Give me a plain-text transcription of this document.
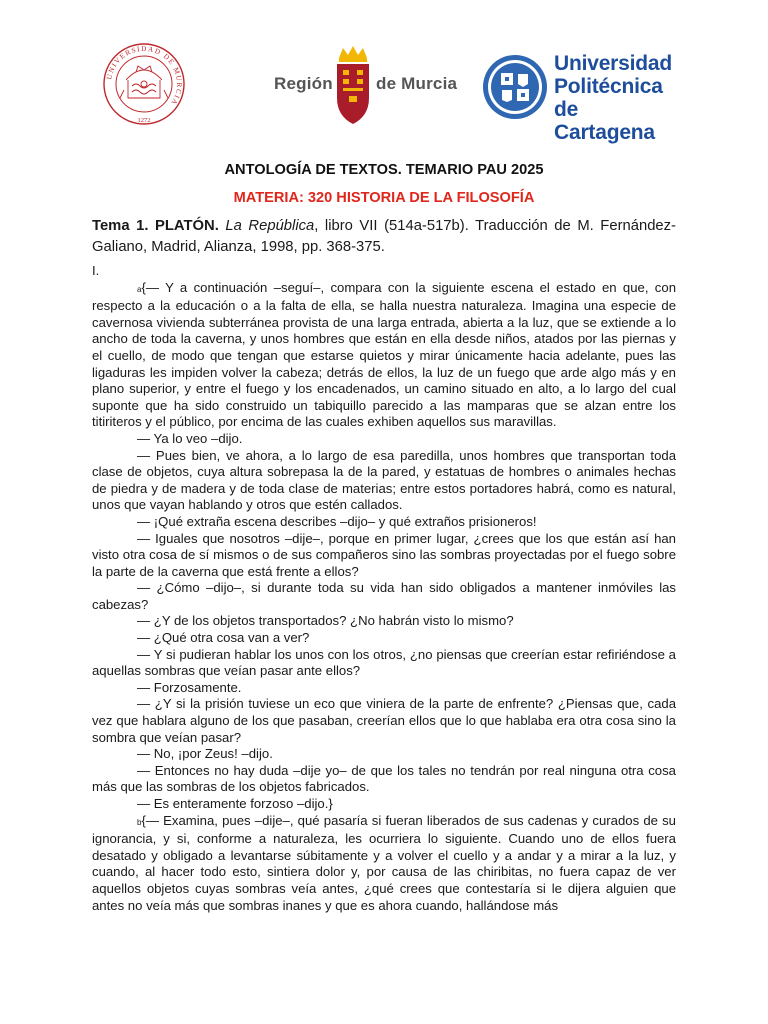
UNIVERSIDAD DE MURCIA
1272
Región	de Murcia
Universidad
Politécnica
de Cartagena
ANTOLOGÍA DE TEXTOS. TEMARIO PAU 2025
MATERIA: 320 HISTORIA DE LA FILOSOFÍA
Tema 1. PLATÓN. La República, libro VII (514a-517b). Traducción de M. Fernández-Galiano, Madrid, Alianza, 1998, pp. 368-375.
I.

a{— Y a continuación –seguí–, compara con la siguiente escena el estado en que, con respecto a la educación o a la falta de ella, se halla nuestra naturaleza. Imagina una especie de cavernosa vivienda subterránea provista de una larga entrada, abierta a la luz, que se extiende a lo ancho de toda la caverna, y unos hombres que están en ella desde niños, atados por las piernas y el cuello, de modo que tengan que estarse quietos y mirar únicamente hacia adelante, pues las ligaduras les impiden volver la cabeza; detrás de ellos, la luz de un fuego que arde algo más y en plano superior, y entre el fuego y los encadenados, un camino situado en alto, a lo largo del cual suponte que ha sido construido un tabiquillo parecido a las mamparas que se alzan entre los titiriteros y el público, por encima de las cuales exhiben aquellos sus maravillas.

— Ya lo veo –dijo.

— Pues bien, ve ahora, a lo largo de esa paredilla, unos hombres que transportan toda clase de objetos, cuya altura sobrepasa la de la pared, y estatuas de hombres o animales hechas de piedra y de madera y de toda clase de materias; entre estos portadores habrá, como es natural, unos que vayan hablando y otros que estén callados.

— ¡Qué extraña escena describes –dijo– y qué extraños prisioneros!

— Iguales que nosotros –dije–, porque en primer lugar, ¿crees que los que están así han visto otra cosa de sí mismos o de sus compañeros sino las sombras proyectadas por el fuego sobre la parte de la caverna que está frente a ellos?

— ¿Cómo –dijo–, si durante toda su vida han sido obligados a mantener inmóviles las cabezas?

— ¿Y de los objetos transportados? ¿No habrán visto lo mismo?

— ¿Qué otra cosa van a ver?

— Y si pudieran hablar los unos con los otros, ¿no piensas que creerían estar refiriéndose a aquellas sombras que veían pasar ante ellos?

— Forzosamente.

— ¿Y si la prisión tuviese un eco que viniera de la parte de enfrente? ¿Piensas que, cada vez que hablara alguno de los que pasaban, creerían ellos que lo que hablaba era otra cosa sino la sombra que veían pasar?

— No, ¡por Zeus! –dijo.

— Entonces no hay duda –dije yo– de que los tales no tendrán por real ninguna otra cosa más que las sombras de los objetos fabricados.

— Es enteramente forzoso –dijo.}

b{— Examina, pues –dije–, qué pasaría si fueran liberados de sus cadenas y curados de su ignorancia, y si, conforme a naturaleza, les ocurriera lo siguiente. Cuando uno de ellos fuera desatado y obligado a levantarse súbitamente y a volver el cuello y a andar y a mirar a la luz, y cuando, al hacer todo esto, sintiera dolor y, por causa de las chiribitas, no fuera capaz de ver aquellos objetos cuyas sombras veía antes, ¿qué crees que contestaría si le dijera alguien que antes no veía más que sombras inanes y que es ahora cuando, hallándose más
